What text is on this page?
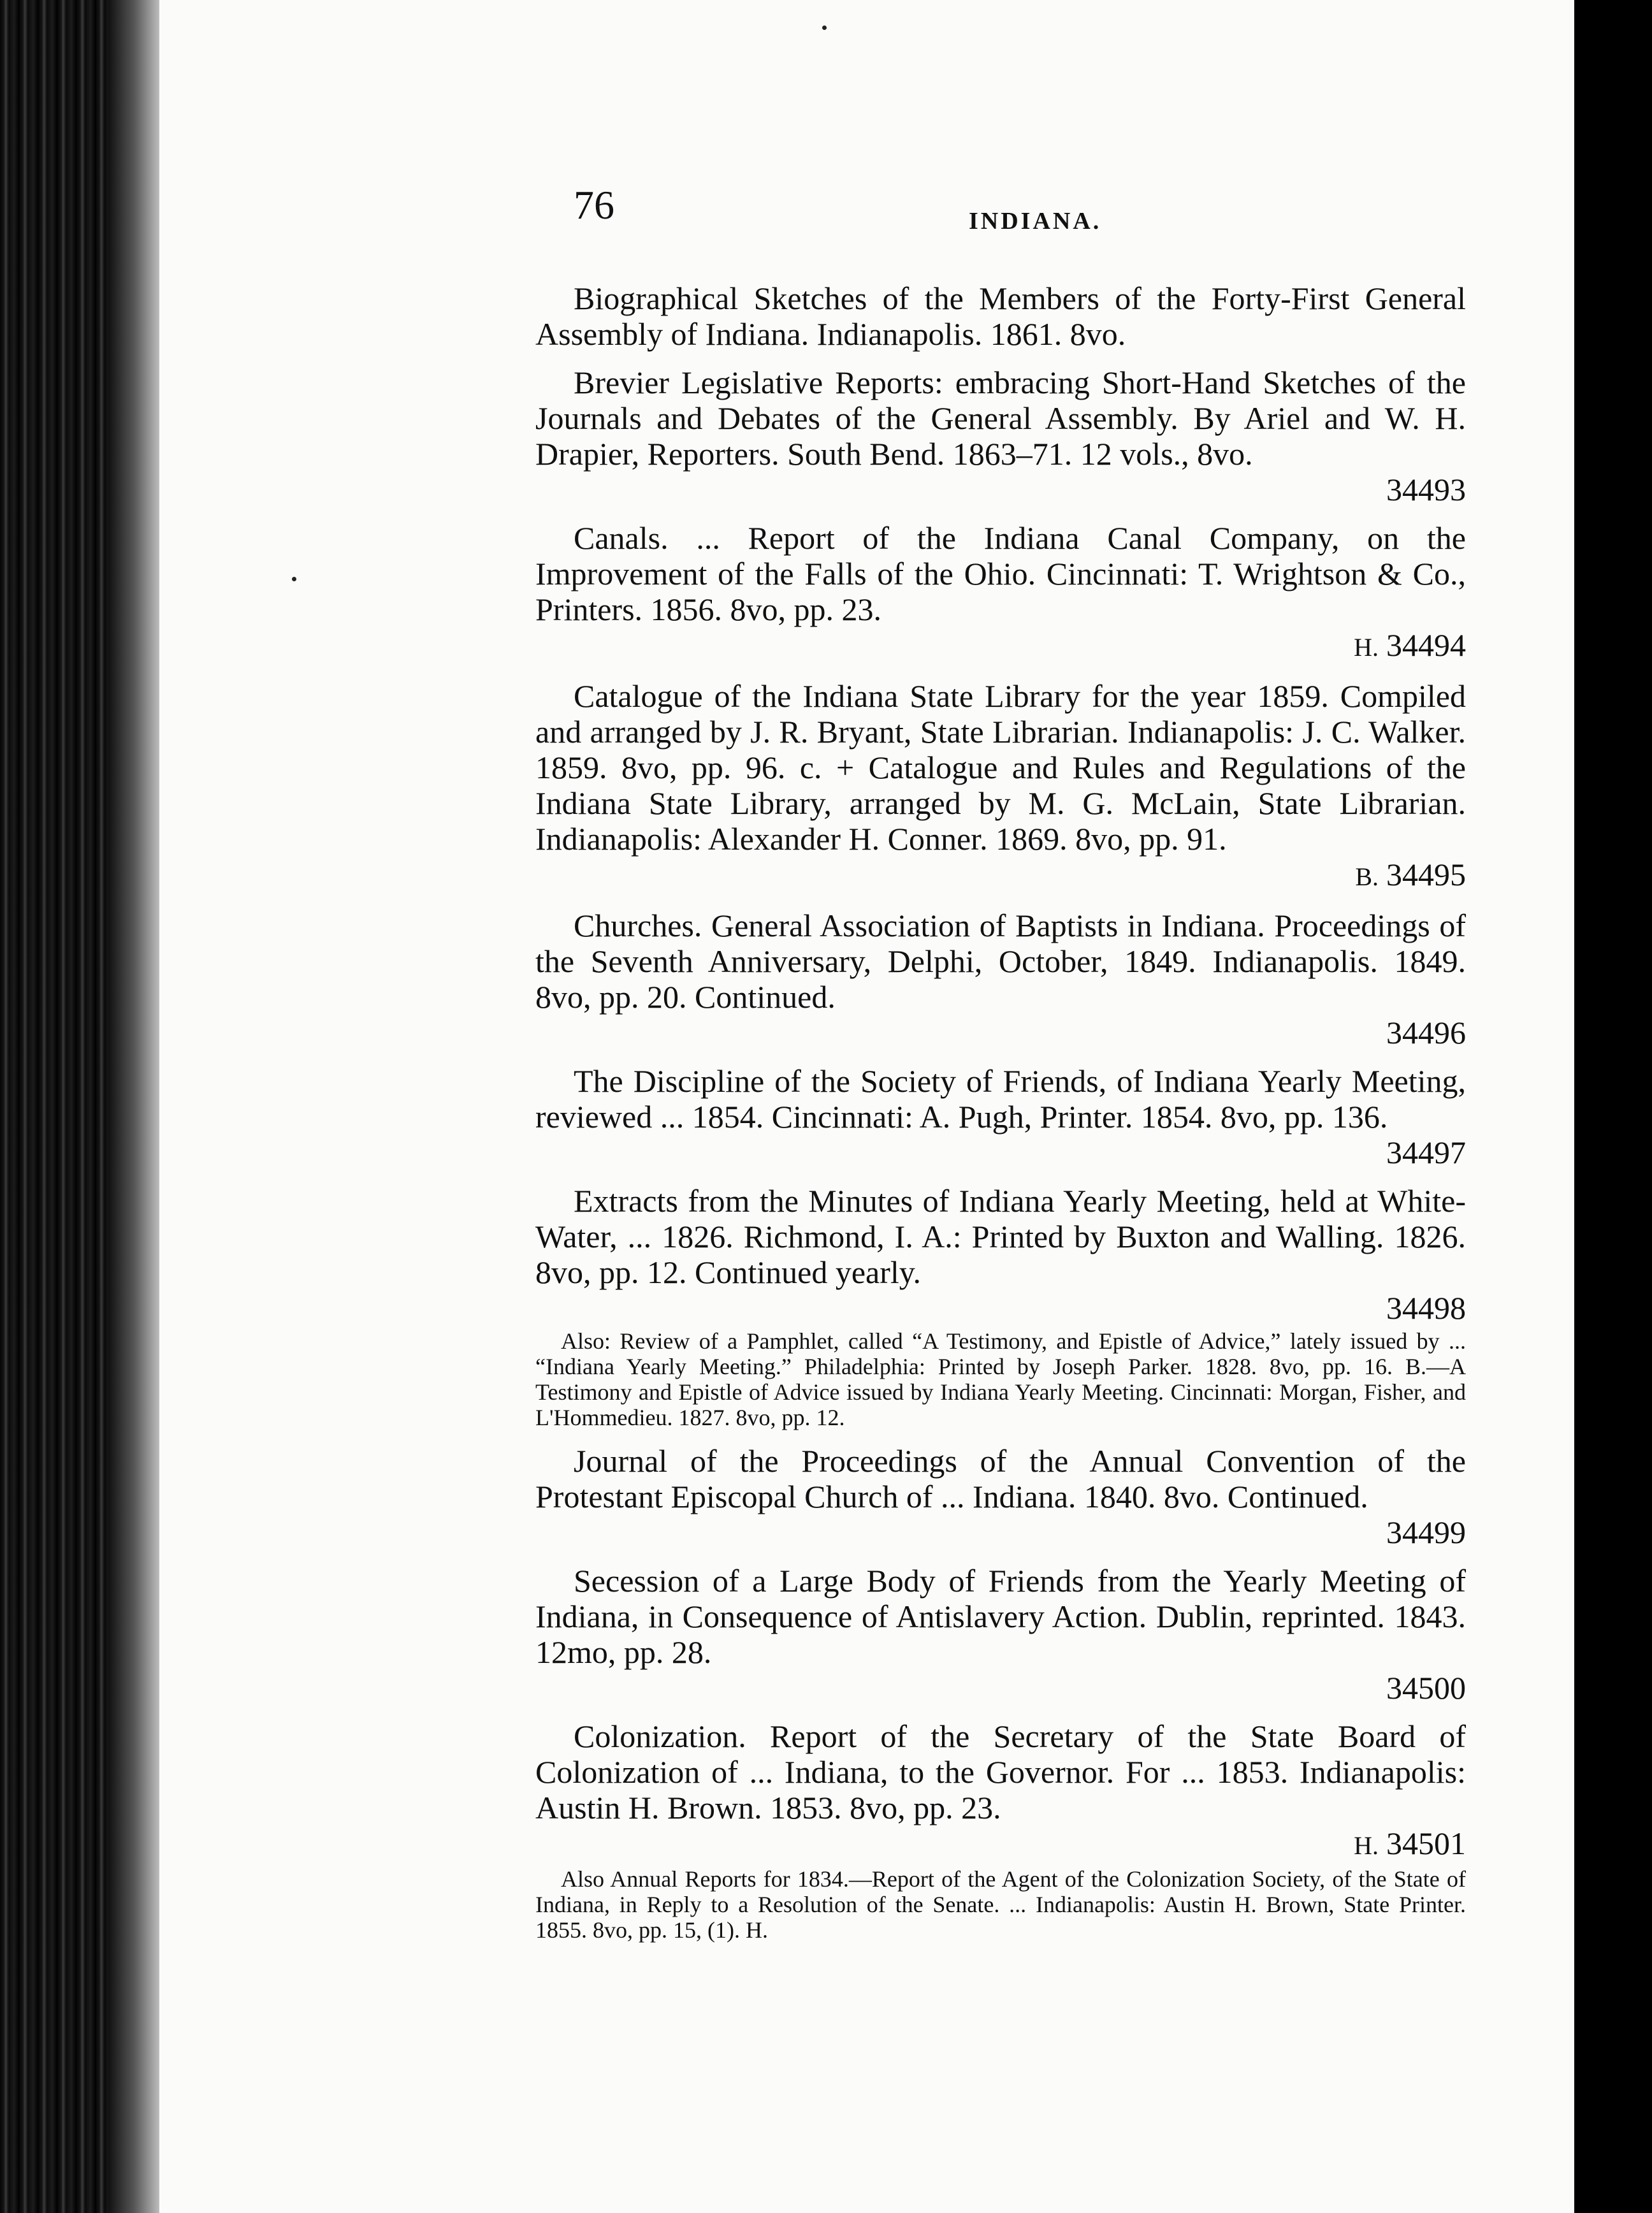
76	INDIANA.

Biographical Sketches of the Members of the Forty-First General Assembly of Indiana. Indianapolis. 1861. 8vo.

Brevier Legislative Reports: embracing Short-Hand Sketches of the Journals and Debates of the General Assembly. By Ariel and W. H. Drapier, Reporters. South Bend. 1863–71. 12 vols., 8vo.

34493

Canals. ... Report of the Indiana Canal Company, on the Improvement of the Falls of the Ohio. Cincinnati: T. Wrightson & Co., Printers. 1856. 8vo, pp. 23.

H. 34494

Catalogue of the Indiana State Library for the year 1859. Compiled and arranged by J. R. Bryant, State Librarian. Indianapolis: J. C. Walker. 1859. 8vo, pp. 96. c. + Catalogue and Rules and Regulations of the Indiana State Library, arranged by M. G. McLain, State Librarian. Indianapolis: Alexander H. Conner. 1869. 8vo, pp. 91.

B. 34495

Churches. General Association of Baptists in Indiana. Proceedings of the Seventh Anniversary, Delphi, October, 1849. Indianapolis. 1849. 8vo, pp. 20. Continued.

34496

The Discipline of the Society of Friends, of Indiana Yearly Meeting, reviewed ... 1854. Cincinnati: A. Pugh, Printer. 1854. 8vo, pp. 136.

34497

Extracts from the Minutes of Indiana Yearly Meeting, held at White-Water, ... 1826. Richmond, I. A.: Printed by Buxton and Walling. 1826. 8vo, pp. 12. Continued yearly.

34498

Also: Review of a Pamphlet, called “A Testimony, and Epistle of Advice,” lately issued by ... “Indiana Yearly Meeting.” Philadelphia: Printed by Joseph Parker. 1828. 8vo, pp. 16. B.—A Testimony and Epistle of Advice issued by Indiana Yearly Meeting. Cincinnati: Morgan, Fisher, and L'Hommedieu. 1827. 8vo, pp. 12.

Journal of the Proceedings of the Annual Convention of the Protestant Episcopal Church of ... Indiana. 1840. 8vo. Continued.

34499

Secession of a Large Body of Friends from the Yearly Meeting of Indiana, in Consequence of Antislavery Action. Dublin, reprinted. 1843. 12mo, pp. 28.

34500

Colonization. Report of the Secretary of the State Board of Colonization of ... Indiana, to the Governor. For ... 1853. Indianapolis: Austin H. Brown. 1853. 8vo, pp. 23.

H. 34501

Also Annual Reports for 1834.—Report of the Agent of the Colonization Society, of the State of Indiana, in Reply to a Resolution of the Senate. ... Indianapolis: Austin H. Brown, State Printer. 1855. 8vo, pp. 15, (1). H.
